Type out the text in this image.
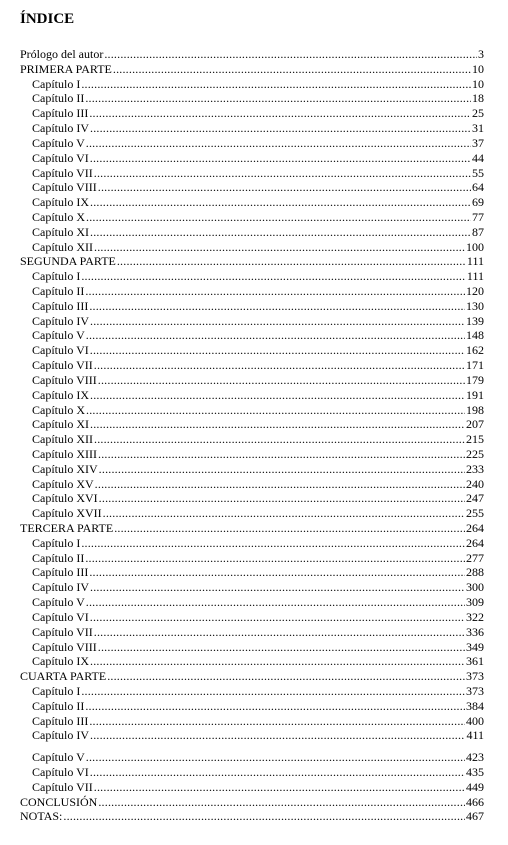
ÍNDICE
Prólogo del autor .....	3
PRIMERA PARTE .....	10
Capítulo I .....	10
Capítulo II .....	18
Capítulo III .....	25
Capítulo IV .....	31
Capítulo V .....	37
Capítulo VI .....	44
Capítulo VII .....	55
Capítulo VIII .....	64
Capítulo IX .....	69
Capítulo X .....	77
Capítulo XI .....	87
Capítulo XII .....	100
SEGUNDA PARTE .....	111
Capítulo I .....	111
Capítulo II .....	120
Capítulo III .....	130
Capítulo IV .....	139
Capítulo V .....	148
Capítulo VI .....	162
Capítulo VII .....	171
Capítulo VIII .....	179
Capítulo IX .....	191
Capítulo X .....	198
Capítulo XI .....	207
Capítulo XII .....	215
Capítulo XIII .....	225
Capítulo XIV .....	233
Capítulo XV .....	240
Capítulo XVI .....	247
Capítulo XVII .....	255
TERCERA PARTE .....	264
Capítulo I .....	264
Capítulo II .....	277
Capítulo III .....	288
Capítulo IV .....	300
Capítulo V .....	309
Capítulo VI .....	322
Capítulo VII .....	336
Capítulo VIII .....	349
Capítulo IX .....	361
CUARTA PARTE .....	373
Capítulo I .....	373
Capítulo II .....	384
Capítulo III .....	400
Capítulo IV .....	411
Capítulo V .....	423
Capítulo VI .....	435
Capítulo VII .....	449
CONCLUSIÓN .....	466
NOTAS: .....	467
